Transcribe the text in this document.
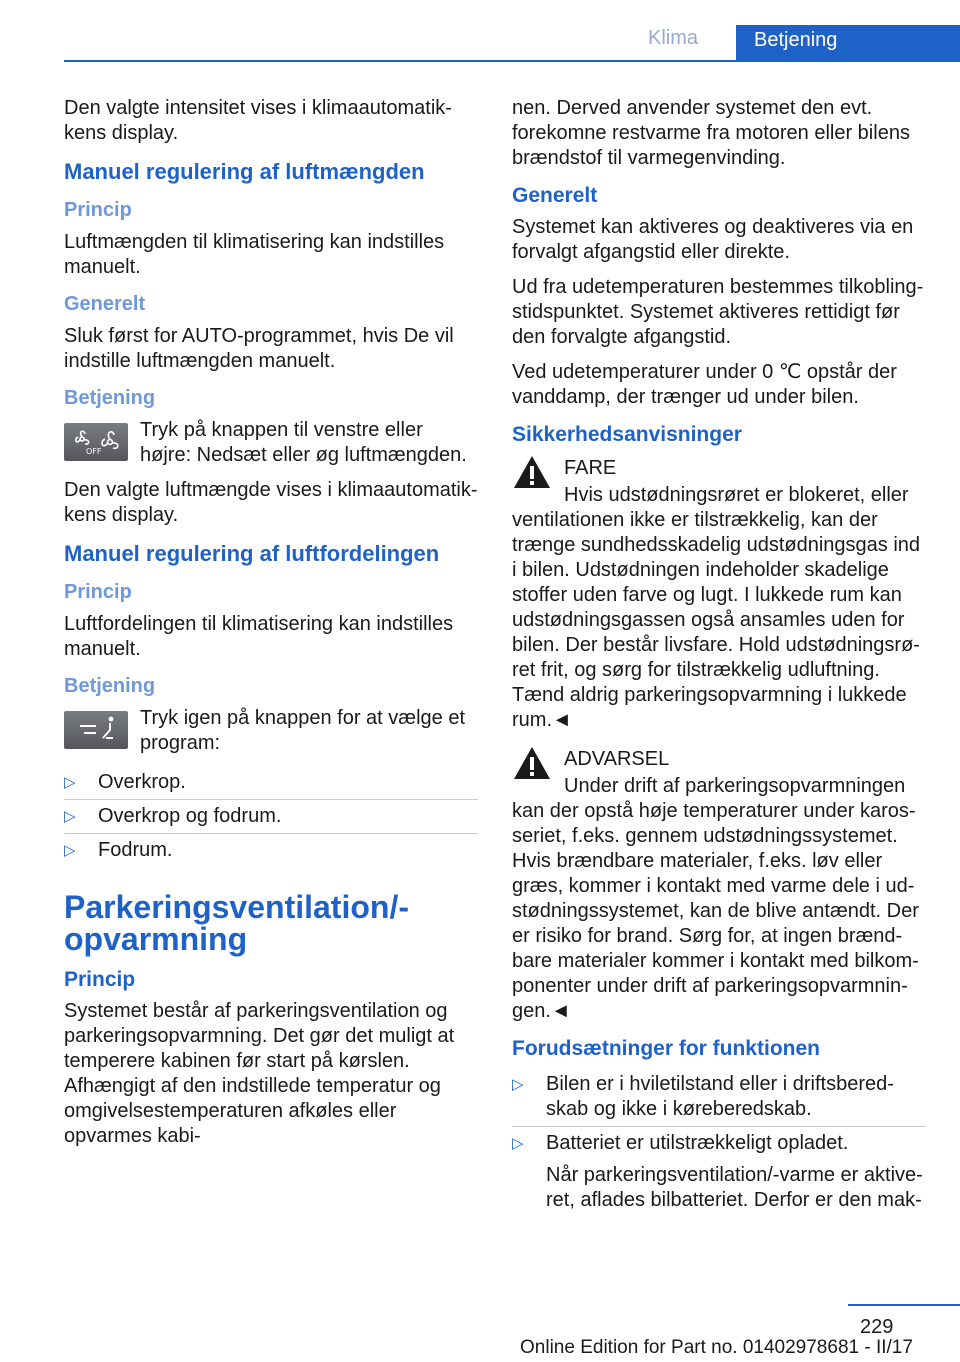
Klima	Betjening

Den valgte intensitet vises i klimaautomatikkens display.

Manuel regulering af luftmængden
Princip

Luftmængden til klimatisering kan indstilles manuelt.

Generelt

Sluk først for AUTO-programmet, hvis De vil indstille luftmængden manuelt.

Betjening
OFF

Tryk på knappen til venstre eller højre: Nedsæt eller øg luftmængden.

Den valgte luftmængde vises i klimaautomatikkens display.

Manuel regulering af luftfordelingen
Princip

Luftfordelingen til klimatisering kan indstilles manuelt.

Betjening

Tryk igen på knappen for at vælge et program:

▷	Overkrop.
▷	Overkrop og fodrum.
▷	Fodrum.
Parkeringsventilation/-opvarmning
Princip

Systemet består af parkeringsventilation og parkeringsopvarmning. Det gør det muligt at temperere kabinen før start på kørslen. Afhængigt af den indstillede temperatur og omgivelsestemperaturen afkøles eller opvarmes kabi-

nen. Derved anvender systemet den evt. forekomne restvarme fra motoren eller bilens brændstof til varmegenvinding.

Generelt

Systemet kan aktiveres og deaktiveres via en forvalgt afgangstid eller direkte.

Ud fra udetemperaturen bestemmes tilkoblingstidspunktet. Systemet aktiveres rettidigt før den forvalgte afgangstid.

Ved udetemperaturer under 0 ℃ opstår der vanddamp, der trænger ud under bilen.

Sikkerhedsanvisninger
FARE
Hvis udstødningsrøret er blokeret, eller

ventilationen ikke er tilstrækkelig, kan der trænge sundhedsskadelig udstødningsgas ind i bilen. Udstødningen indeholder skadelige stoffer uden farve og lugt. I lukkede rum kan udstødningsgassen også ansamles uden for bilen. Der består livsfare. Hold udstødningsrøret frit, og sørg for tilstrækkelig udluftning. Tænd aldrig parkeringsopvarmning i lukkede rum.◄

ADVARSEL
Under drift af parkeringsopvarmningen

kan der opstå høje temperaturer under karosseriet, f.eks. gennem udstødningssystemet. Hvis brændbare materialer, f.eks. løv eller græs, kommer i kontakt med varme dele i udstødningssystemet, kan de blive antændt. Der er risiko for brand. Sørg for, at ingen brændbare materialer kommer i kontakt med bilkomponenter under drift af parkeringsopvarmningen.◄

Forudsætninger for funktionen
▷	Bilen er i hviletilstand eller i driftsberedskab og ikke i køreberedskab.
▷	Batteriet er utilstrækkeligt opladet.
Når parkeringsventilation/-varme er aktiveret, aflades bilbatteriet. Derfor er den mak-
229
Online Edition for Part no. 01402978681 - II/17
